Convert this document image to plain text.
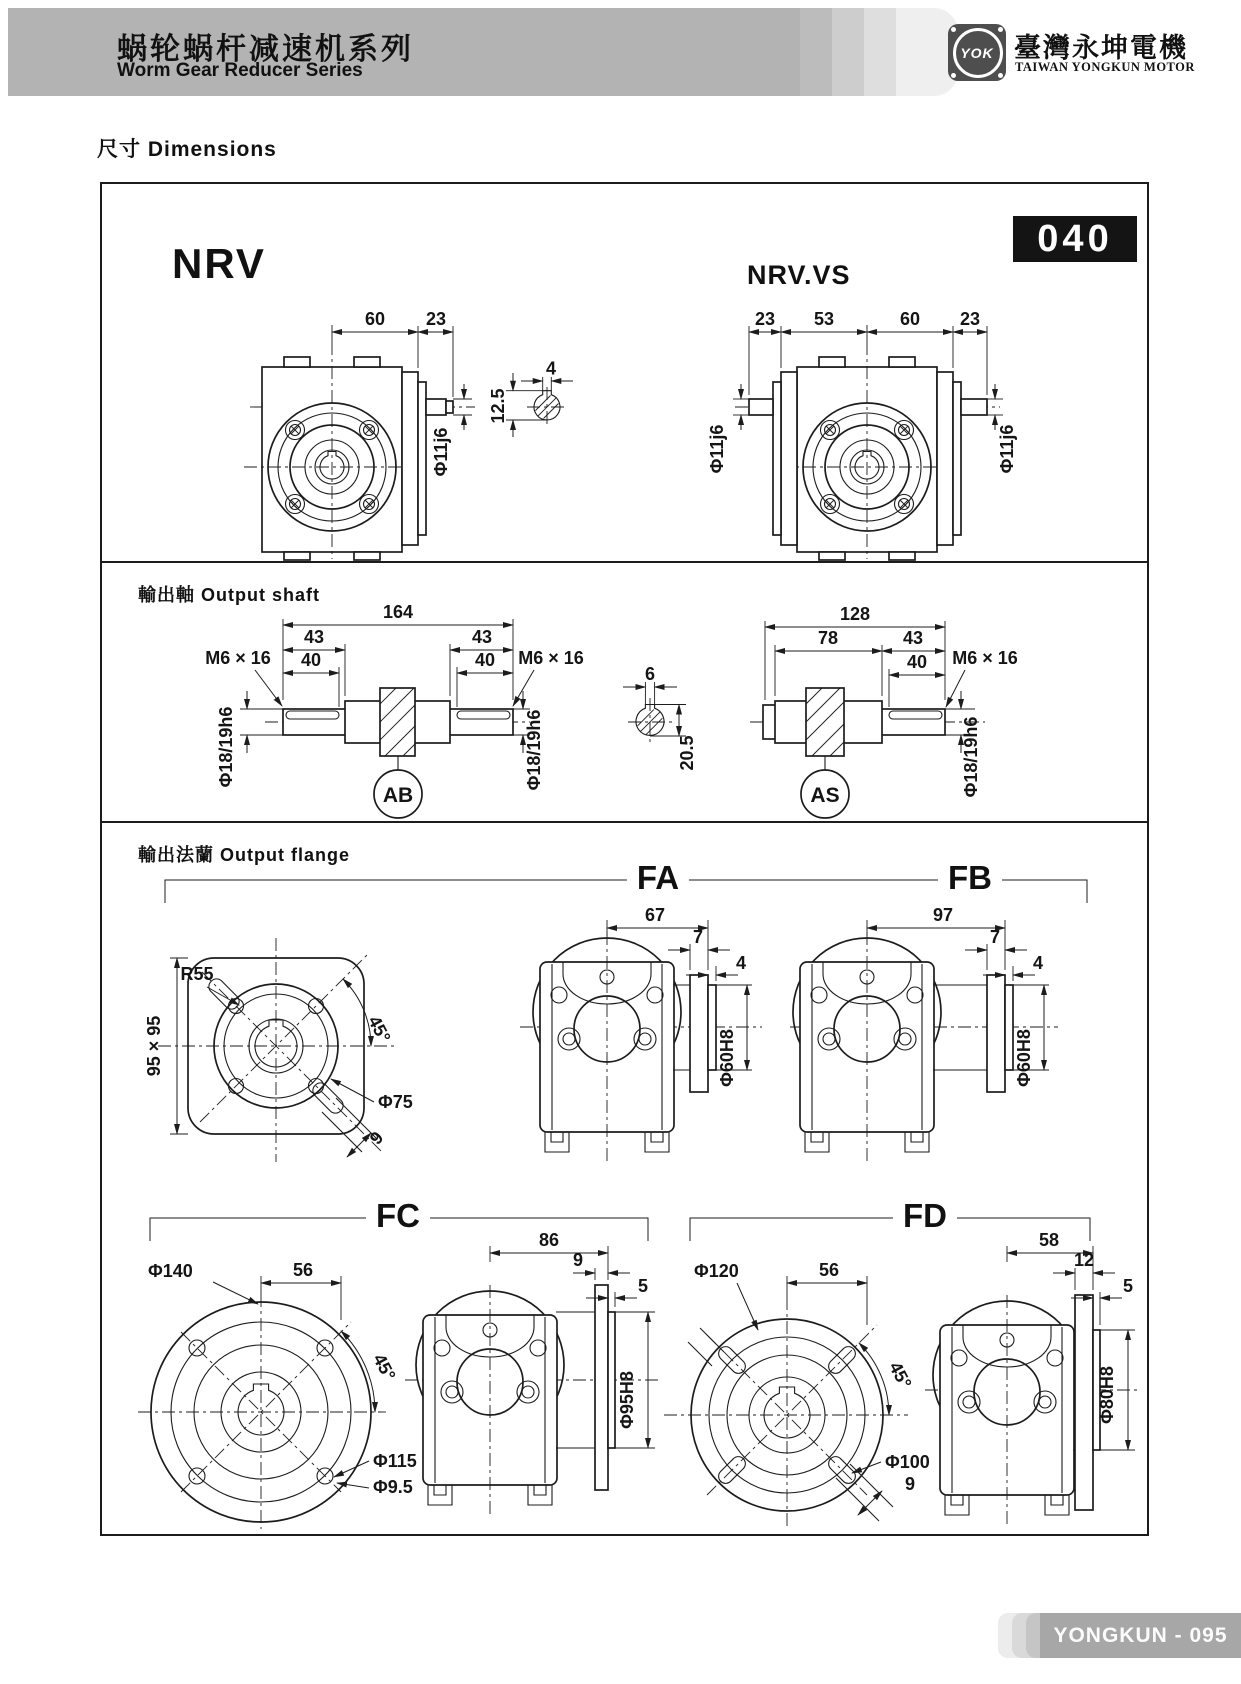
60 23
Φ11j6
4
12.5
23 53	60 23
Φ11j6	Φ11j6
164
43	43
40	40
M6 × 16	M6 × 16
Φ18/19h6	Φ18/19h6
AB
6
20.5
128
78	43
40 M6 × 16
Φ18/19h6
AS
9
45°
R55
Φ75
95 × 95
67
7
4
Φ60H8
97
7
4
Φ60H8
45°
Φ140	56
Φ115
Φ9.5
86
9
5
Φ95H8
9
45°
Φ120	56
Φ100
58
12
5
Φ80H8
蜗轮蜗杆减速机系列
Worm Gear Reducer Series
YOK 臺灣永坤電機
TAIWAN YONGKUN MOTOR
尺寸 Dimensions
NRV	NRV.VS
040
輸出軸 Output shaft
輸出法蘭 Output flange
FA	FB
FC	FD
YONGKUN - 095
